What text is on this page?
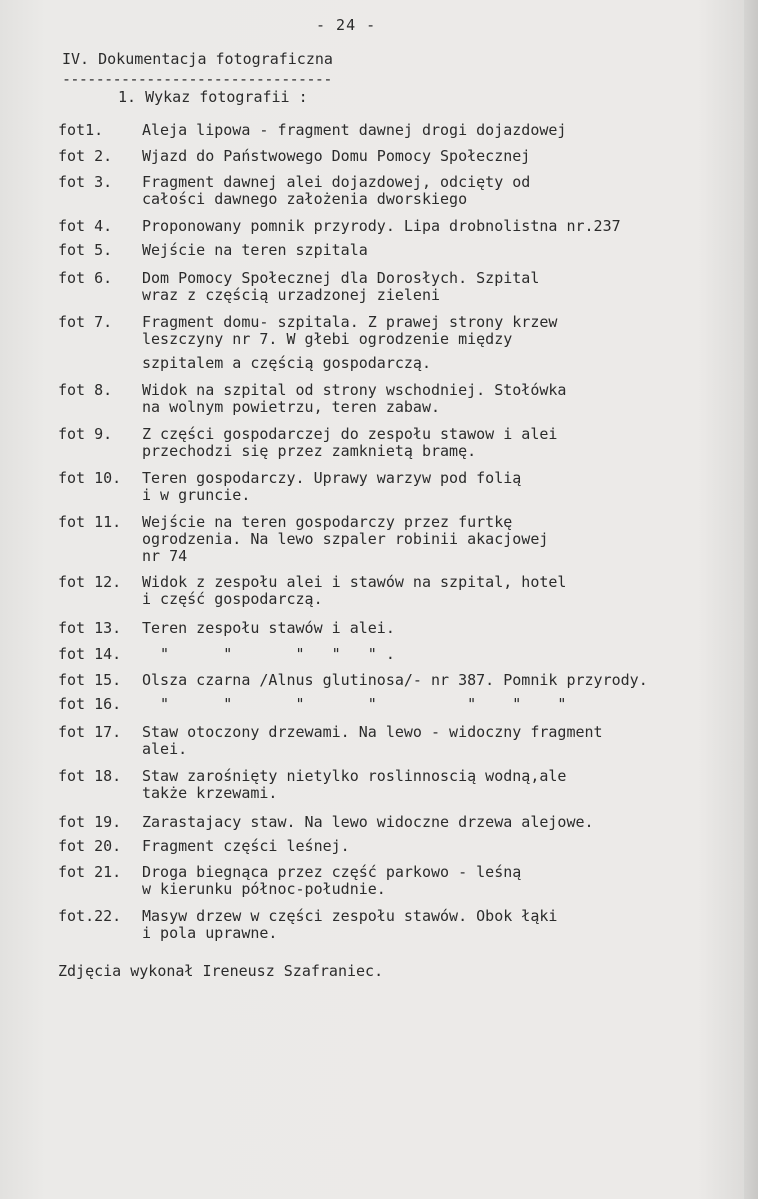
- 24 -
IV. Dokumentacja fotograficzna
--------------------------------
1. Wykaz fotografii :
fot1.	Aleja lipowa - fragment dawnej drogi dojazdowej
fot 2. Wjazd do Państwowego Domu Pomocy Społecznej
fot 3. Fragment dawnej alei dojazdowej, odcięty od
całości dawnego założenia dworskiego
fot 4. Proponowany pomnik przyrody. Lipa drobnolistna nr.237
fot 5. Wejście na teren szpitala
fot 6. Dom Pomocy Społecznej dla Dorosłych. Szpital
wraz z częścią urzadzonej zieleni
fot 7. Fragment domu- szpitala. Z prawej strony krzew
leszczyny nr 7. W głebi ogrodzenie między
szpitalem a częścią gospodarczą.
fot 8. Widok na szpital od strony wschodniej. Stołówka
na wolnym powietrzu, teren zabaw.
fot 9. Z części gospodarczej do zespołu stawow i alei
przechodzi się przez zamknietą bramę.
fot 10. Teren gospodarczy. Uprawy warzyw pod folią
i w gruncie.
fot 11. Wejście na teren gospodarczy przez furtkę
ogrodzenia. Na lewo szpaler robinii akacjowej
nr 74
fot 12. Widok z zespołu alei i stawów na szpital, hotel
i część gospodarczą.
fot 13. Teren zespołu stawów i alei.
fot 14. "      "       "   "   " .
fot 15. Olsza czarna /Alnus glutinosa/- nr 387. Pomnik przyrody.
fot 16. "      "       "       "          "    "    "
fot 17. Staw otoczony drzewami. Na lewo - widoczny fragment
alei.
fot 18. Staw zarośnięty nietylko roslinnoscią wodną,ale
także krzewami.
fot 19. Zarastajacy staw. Na lewo widoczne drzewa alejowe.
fot 20. Fragment części leśnej.
fot 21. Droga biegnąca przez część parkowo - leśną
w kierunku północ-południe.
fot.22. Masyw drzew w części zespołu stawów. Obok łąki
i pola uprawne.
Zdjęcia wykonał Ireneusz Szafraniec.
